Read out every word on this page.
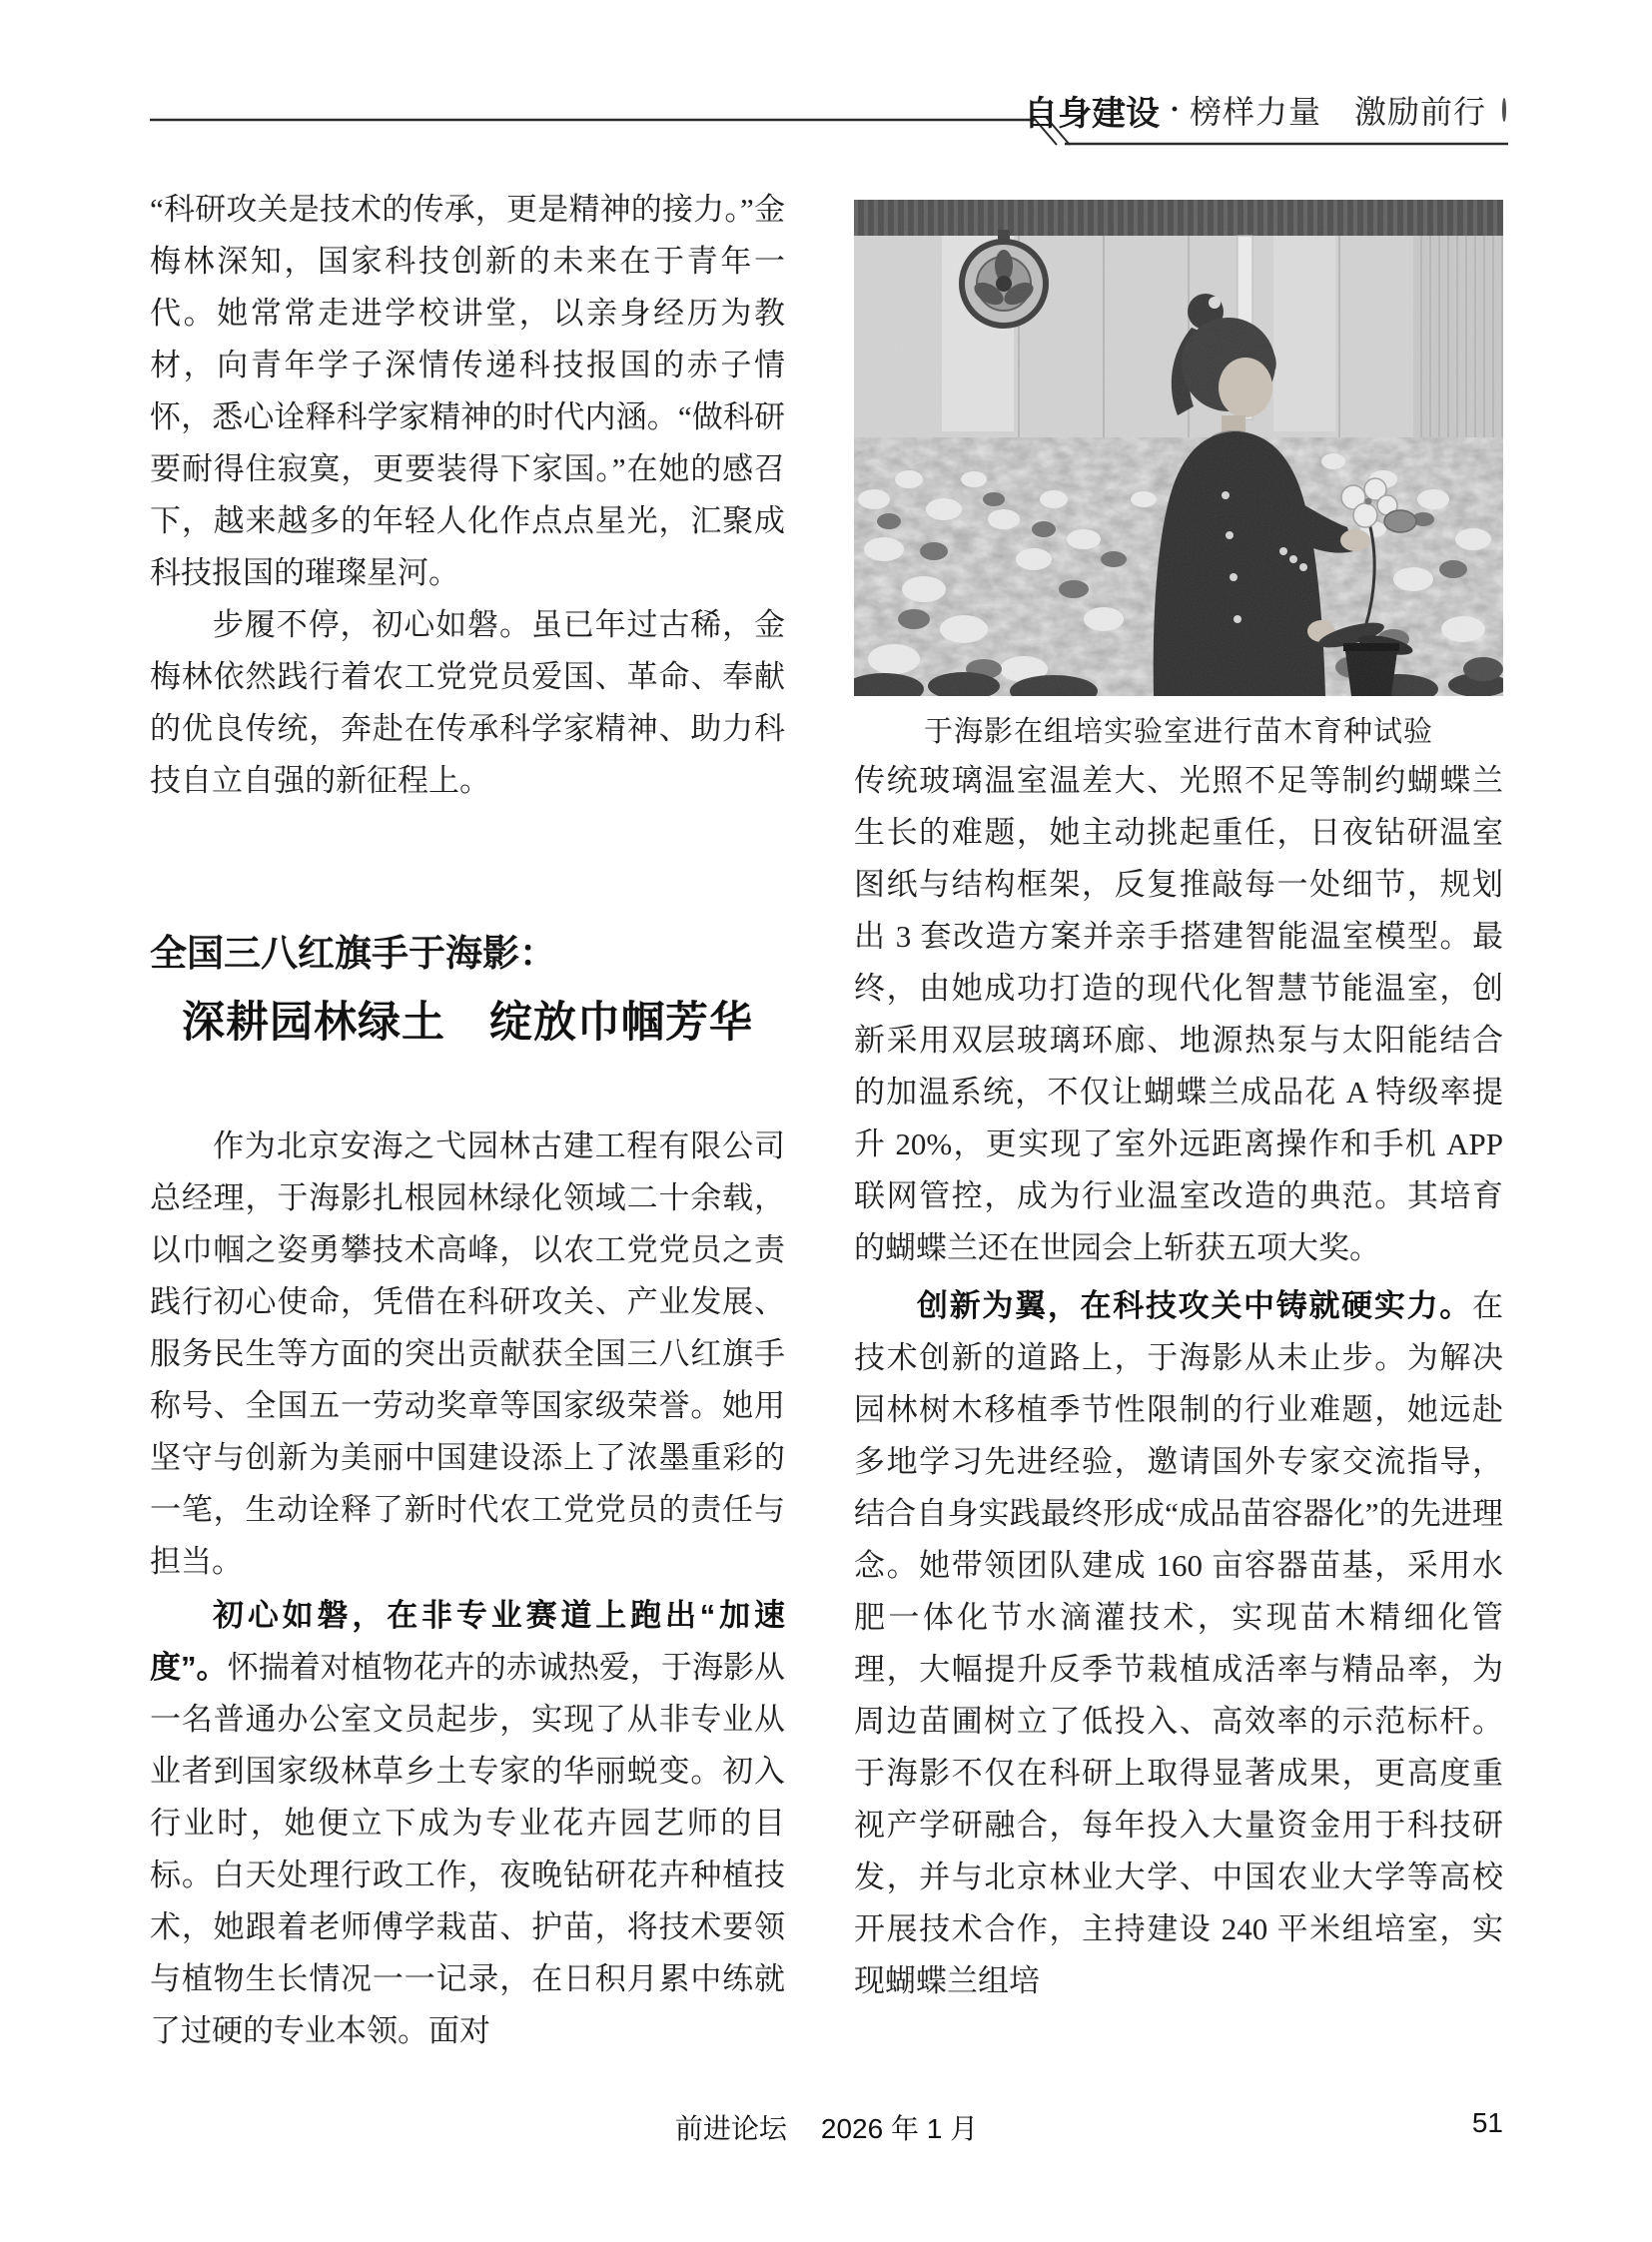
自身建设 · 榜样力量　激励前行

“科研攻关是技术的传承，更是精神的接力。”金梅林深知，国家科技创新的未来在于青年一代。她常常走进学校讲堂，以亲身经历为教材，向青年学子深情传递科技报国的赤子情怀，悉心诠释科学家精神的时代内涵。“做科研要耐得住寂寞，更要装得下家国。”在她的感召下，越来越多的年轻人化作点点星光，汇聚成科技报国的璀璨星河。

步履不停，初心如磐。虽已年过古稀，金梅林依然践行着农工党党员爱国、革命、奉献的优良传统，奔赴在传承科学家精神、助力科技自立自强的新征程上。

全国三八红旗手于海影：
深耕园林绿土　绽放巾帼芳华

作为北京安海之弋园林古建工程有限公司总经理，于海影扎根园林绿化领域二十余载，以巾帼之姿勇攀技术高峰，以农工党党员之责践行初心使命，凭借在科研攻关、产业发展、服务民生等方面的突出贡献获全国三八红旗手称号、全国五一劳动奖章等国家级荣誉。她用坚守与创新为美丽中国建设添上了浓墨重彩的一笔，生动诠释了新时代农工党党员的责任与担当。

初心如磐，在非专业赛道上跑出“加速度”。怀揣着对植物花卉的赤诚热爱，于海影从一名普通办公室文员起步，实现了从非专业从业者到国家级林草乡土专家的华丽蜕变。初入行业时，她便立下成为专业花卉园艺师的目标。白天处理行政工作，夜晚钻研花卉种植技术，她跟着老师傅学栽苗、护苗，将技术要领与植物生长情况一一记录，在日积月累中练就了过硬的专业本领。面对

于海影在组培实验室进行苗木育种试验

传统玻璃温室温差大、光照不足等制约蝴蝶兰生长的难题，她主动挑起重任，日夜钻研温室图纸与结构框架，反复推敲每一处细节，规划出 3 套改造方案并亲手搭建智能温室模型。最终，由她成功打造的现代化智慧节能温室，创新采用双层玻璃环廊、地源热泵与太阳能结合的加温系统，不仅让蝴蝶兰成品花 A 特级率提升 20%，更实现了室外远距离操作和手机 APP 联网管控，成为行业温室改造的典范。其培育的蝴蝶兰还在世园会上斩获五项大奖。

创新为翼，在科技攻关中铸就硬实力。在技术创新的道路上，于海影从未止步。为解决园林树木移植季节性限制的行业难题，她远赴多地学习先进经验，邀请国外专家交流指导，结合自身实践最终形成“成品苗容器化”的先进理念。她带领团队建成 160 亩容器苗基，采用水肥一体化节水滴灌技术，实现苗木精细化管理，大幅提升反季节栽植成活率与精品率，为周边苗圃树立了低投入、高效率的示范标杆。于海影不仅在科研上取得显著成果，更高度重视产学研融合，每年投入大量资金用于科技研发，并与北京林业大学、中国农业大学等高校开展技术合作，主持建设 240 平米组培室，实现蝴蝶兰组培

前进论坛 2026 年 1 月	51
